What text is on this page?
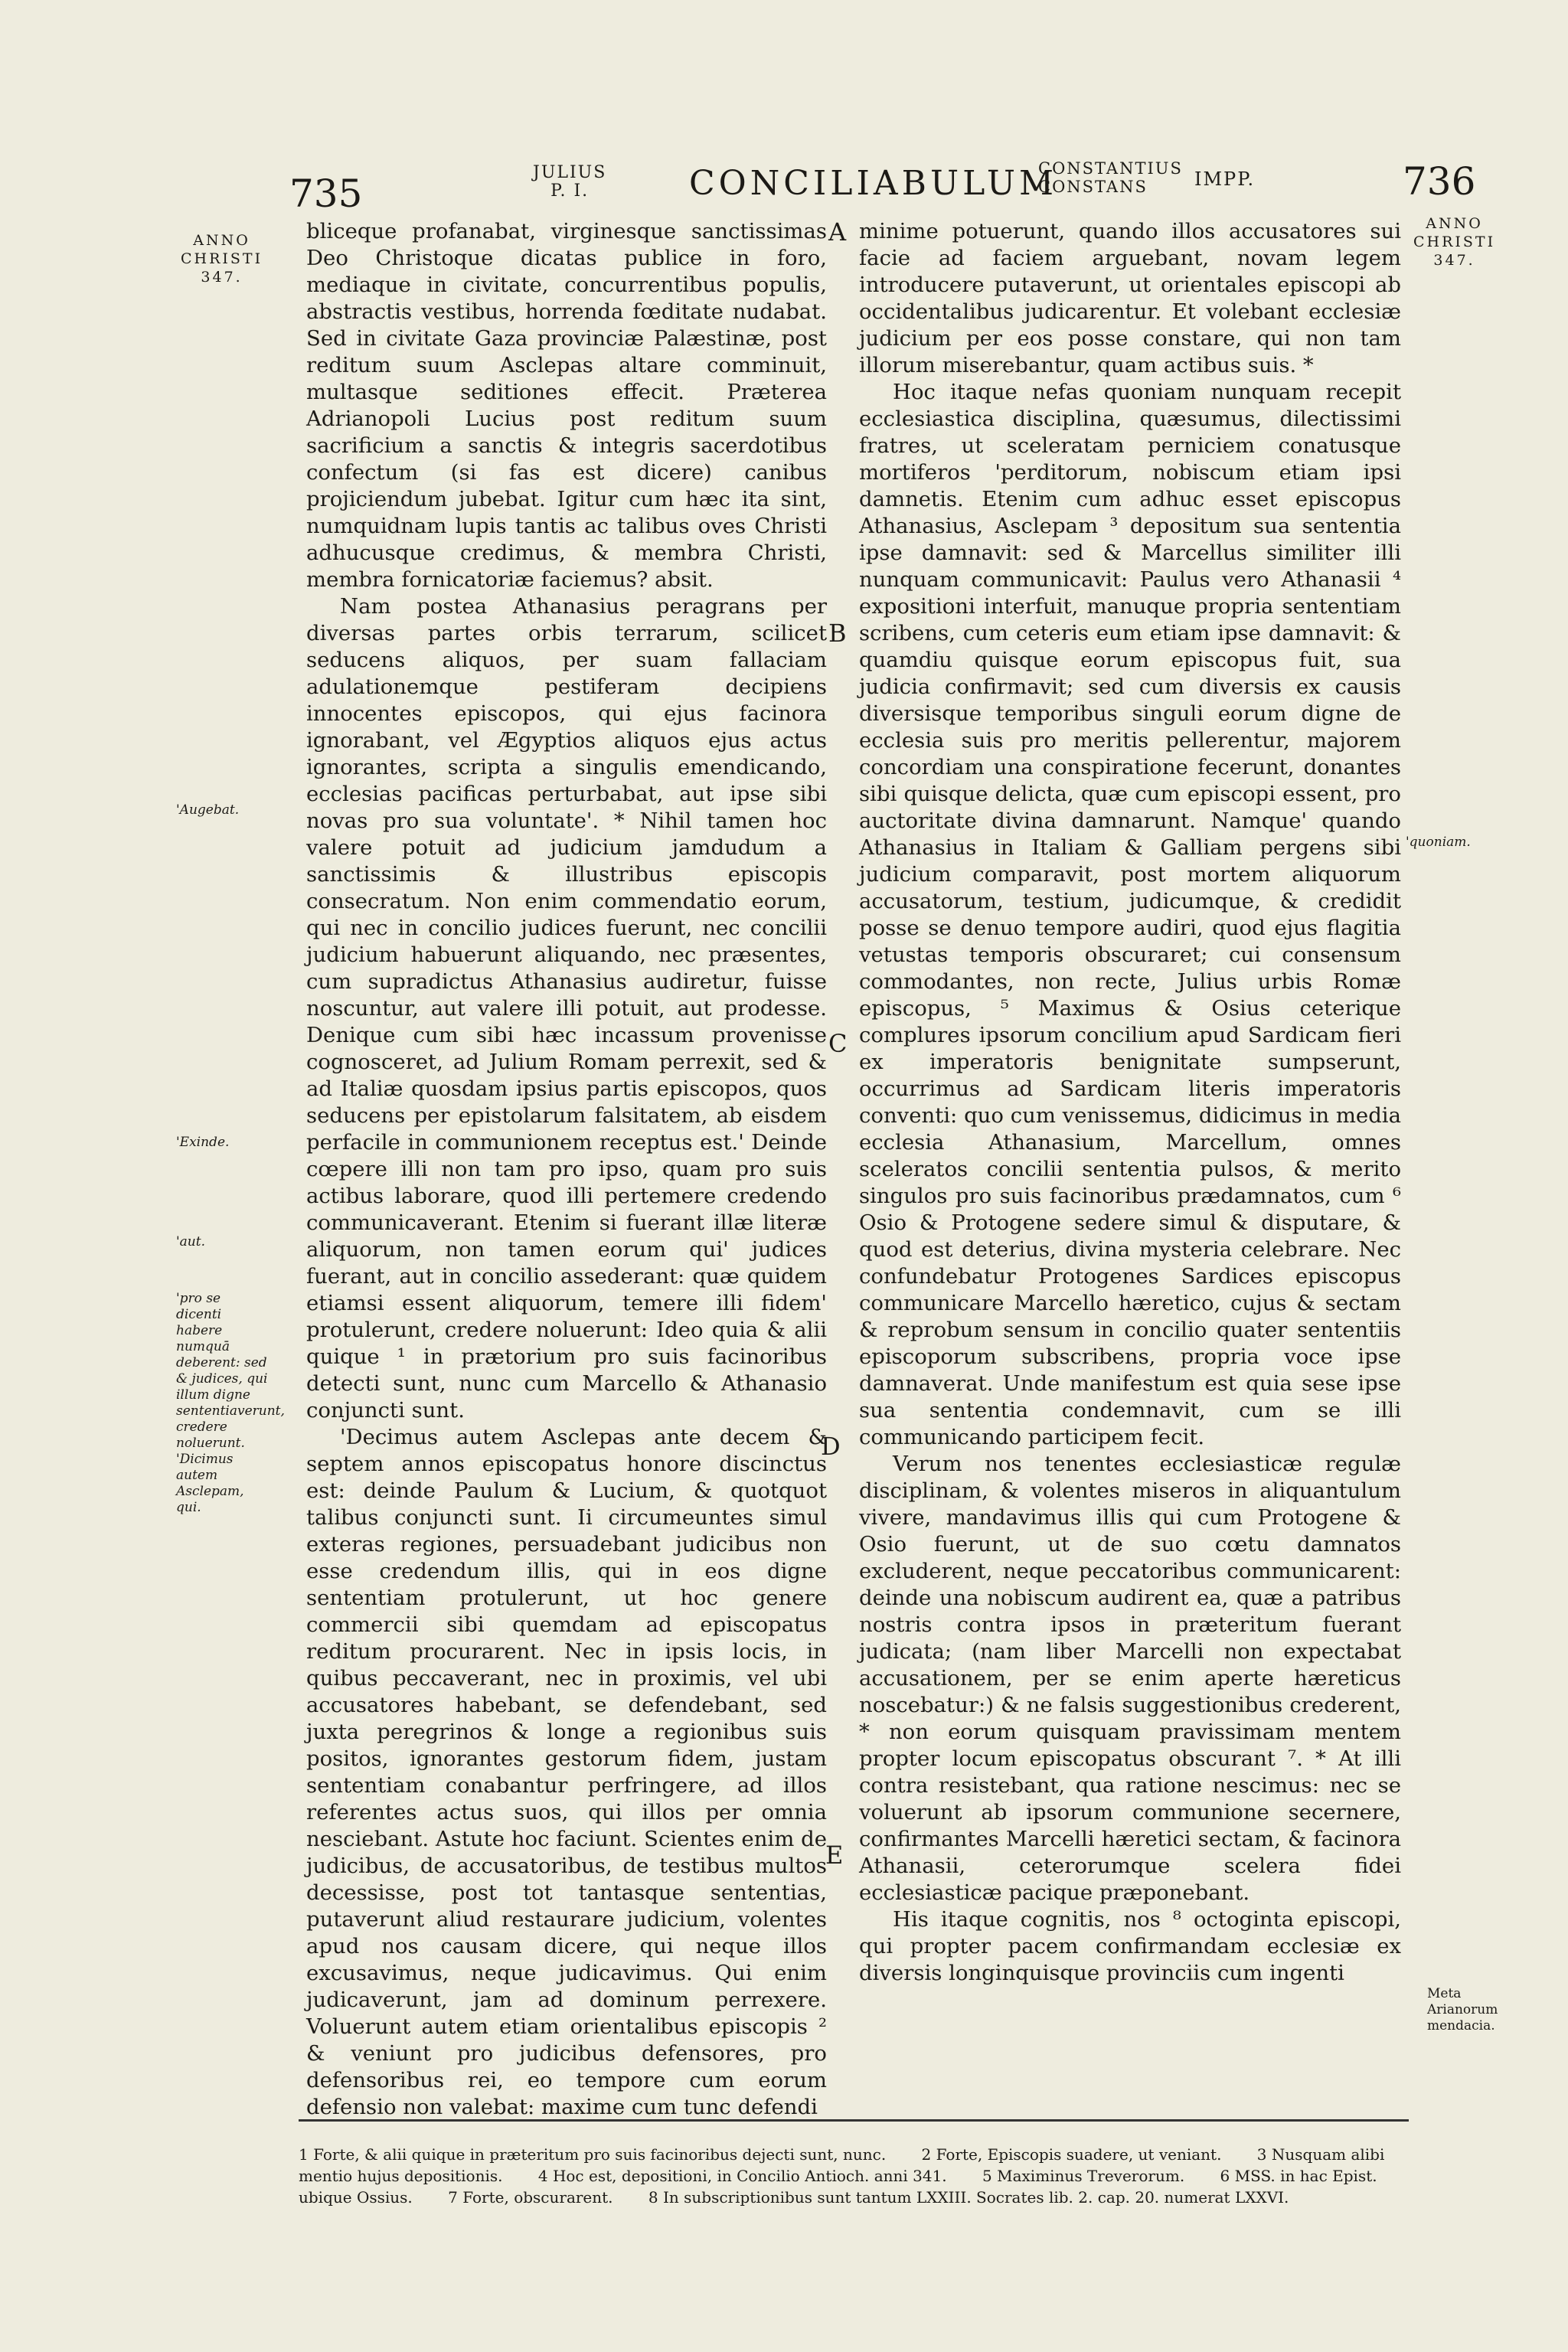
735	JULIUS
P. I.	CONCILIABULUM
CONSTANTIUS
CONSTANS	IMPP.	736
ANNO
CHRISTI
347.
ANNO
CHRISTI
347.
'Augebat.
'Exinde.
'aut.
'pro se dicenti habere numquā deberent: sed & judices, qui illum digne sententiaverunt, credere noluerunt. 'Dicimus autem Asclepam, qui.
'quoniam.
Meta Arianorum mendacia.
A
B
C
D
E

bliceque profanabat, virginesque sanctissimas Deo Christoque dicatas publice in foro, mediaque in civitate, concurrentibus populis, abstractis vestibus, horrenda fœditate nudabat. Sed in civitate Gaza provinciæ Palæstinæ, post reditum suum Asclepas altare comminuit, multasque seditiones effecit. Præterea Adrianopoli Lucius post reditum suum sacrificium a sanctis & integris sacerdotibus confectum (si fas est dicere) canibus projiciendum jubebat. Igitur cum hæc ita sint, numquidnam lupis tantis ac talibus oves Christi adhucusque credimus, & membra Christi, membra fornicatoriæ faciemus? absit.

Nam postea Athanasius peragrans per diversas partes orbis terrarum, scilicet seducens aliquos, per suam fallaciam adulationemque pestiferam decipiens innocentes episcopos, qui ejus facinora ignorabant, vel Ægyptios aliquos ejus actus ignorantes, scripta a singulis emendicando, ecclesias pacificas perturbabat, aut ipse sibi novas pro sua voluntate'. * Nihil tamen hoc valere potuit ad judicium jamdudum a sanctissimis & illustribus episcopis consecratum. Non enim commendatio eorum, qui nec in concilio judices fuerunt, nec concilii judicium habuerunt aliquando, nec præsentes, cum supradictus Athanasius audiretur, fuisse noscuntur, aut valere illi potuit, aut prodesse. Denique cum sibi hæc incassum provenisse cognosceret, ad Julium Romam perrexit, sed & ad Italiæ quosdam ipsius partis episcopos, quos seducens per epistolarum falsitatem, ab eisdem perfacile in communionem receptus est.' Deinde cœpere illi non tam pro ipso, quam pro suis actibus laborare, quod illi pertemere credendo communicaverant. Etenim si fuerant illæ literæ aliquorum, non tamen eorum qui' judices fuerant, aut in concilio assederant: quæ quidem etiamsi essent aliquorum, temere illi fidem' protulerunt, credere noluerunt: Ideo quia & alii quique ¹ in prætorium pro suis facinoribus detecti sunt, nunc cum Marcello & Athanasio conjuncti sunt.

'Decimus autem Asclepas ante decem & septem annos episcopatus honore discinctus est: deinde Paulum & Lucium, & quotquot talibus conjuncti sunt. Ii circumeuntes simul exteras regiones, persuadebant judicibus non esse credendum illis, qui in eos digne sententiam protulerunt, ut hoc genere commercii sibi quemdam ad episcopatus reditum procurarent. Nec in ipsis locis, in quibus peccaverant, nec in proximis, vel ubi accusatores habebant, se defendebant, sed juxta peregrinos & longe a regionibus suis positos, ignorantes gestorum fidem, justam sententiam conabantur perfringere, ad illos referentes actus suos, qui illos per omnia nesciebant. Astute hoc faciunt. Scientes enim de judicibus, de accusatoribus, de testibus multos decessisse, post tot tantasque sententias, putaverunt aliud restaurare judicium, volentes apud nos causam dicere, qui neque illos excusavimus, neque judicavimus. Qui enim judicaverunt, jam ad dominum perrexere. Voluerunt autem etiam orientalibus episcopis ² & veniunt pro judicibus defensores, pro defensoribus rei, eo tempore cum eorum defensio non valebat: maxime cum tunc defendi

minime potuerunt, quando illos accusatores sui facie ad faciem arguebant, novam legem introducere putaverunt, ut orientales episcopi ab occidentalibus judicarentur. Et volebant ecclesiæ judicium per eos posse constare, qui non tam illorum miserebantur, quam actibus suis. *

Hoc itaque nefas quoniam nunquam recepit ecclesiastica disciplina, quæsumus, dilectissimi fratres, ut sceleratam perniciem conatusque mortiferos 'perditorum, nobiscum etiam ipsi damnetis. Etenim cum adhuc esset episcopus Athanasius, Asclepam ³ depositum sua sententia ipse damnavit: sed & Marcellus similiter illi nunquam communicavit: Paulus vero Athanasii ⁴ expositioni interfuit, manuque propria sententiam scribens, cum ceteris eum etiam ipse damnavit: & quamdiu quisque eorum episcopus fuit, sua judicia confirmavit; sed cum diversis ex causis diversisque temporibus singuli eorum digne de ecclesia suis pro meritis pellerentur, majorem concordiam una conspiratione fecerunt, donantes sibi quisque delicta, quæ cum episcopi essent, pro auctoritate divina damnarunt. Namque' quando Athanasius in Italiam & Galliam pergens sibi judicium comparavit, post mortem aliquorum accusatorum, testium, judicumque, & credidit posse se denuo tempore audiri, quod ejus flagitia vetustas temporis obscuraret; cui consensum commodantes, non recte, Julius urbis Romæ episcopus, ⁵ Maximus & Osius ceterique complures ipsorum concilium apud Sardicam fieri ex imperatoris benignitate sumpserunt, occurrimus ad Sardicam literis imperatoris conventi: quo cum venissemus, didicimus in media ecclesia Athanasium, Marcellum, omnes sceleratos concilii sententia pulsos, & merito singulos pro suis facinoribus prædamnatos, cum ⁶ Osio & Protogene sedere simul & disputare, & quod est deterius, divina mysteria celebrare. Nec confundebatur Protogenes Sardices episcopus communicare Marcello hæretico, cujus & sectam & reprobum sensum in concilio quater sententiis episcoporum subscribens, propria voce ipse damnaverat. Unde manifestum est quia sese ipse sua sententia condemnavit, cum se illi communicando participem fecit.

Verum nos tenentes ecclesiasticæ regulæ disciplinam, & volentes miseros in aliquantulum vivere, mandavimus illis qui cum Protogene & Osio fuerunt, ut de suo cœtu damnatos excluderent, neque peccatoribus communicarent: deinde una nobiscum audirent ea, quæ a patribus nostris contra ipsos in præteritum fuerant judicata; (nam liber Marcelli non expectabat accusationem, per se enim aperte hæreticus noscebatur:) & ne falsis suggestionibus crederent, * non eorum quisquam pravissimam mentem propter locum episcopatus obscurant ⁷. * At illi contra resistebant, qua ratione nescimus: nec se voluerunt ab ipsorum communione secernere, confirmantes Marcelli hæretici sectam, & facinora Athanasii, ceterorumque scelera fidei ecclesiasticæ pacique præponebant.

His itaque cognitis, nos ⁸ octoginta episcopi, qui propter pacem confirmandam ecclesiæ ex diversis longinquisque provinciis cum ingenti

1 Forte, & alii quique in præteritum pro suis facinoribus dejecti sunt, nunc. 2 Forte, Episcopis suadere, ut veniant. 3 Nusquam alibi mentio hujus depositionis. 4 Hoc est, depositioni, in Concilio Antioch. anni 341. 5 Maximinus Treverorum. 6 MSS. in hac Epist. ubique Ossius. 7 Forte, obscurarent. 8 In subscriptionibus sunt tantum LXXIII. Socrates lib. 2. cap. 20. numerat LXXVI.
